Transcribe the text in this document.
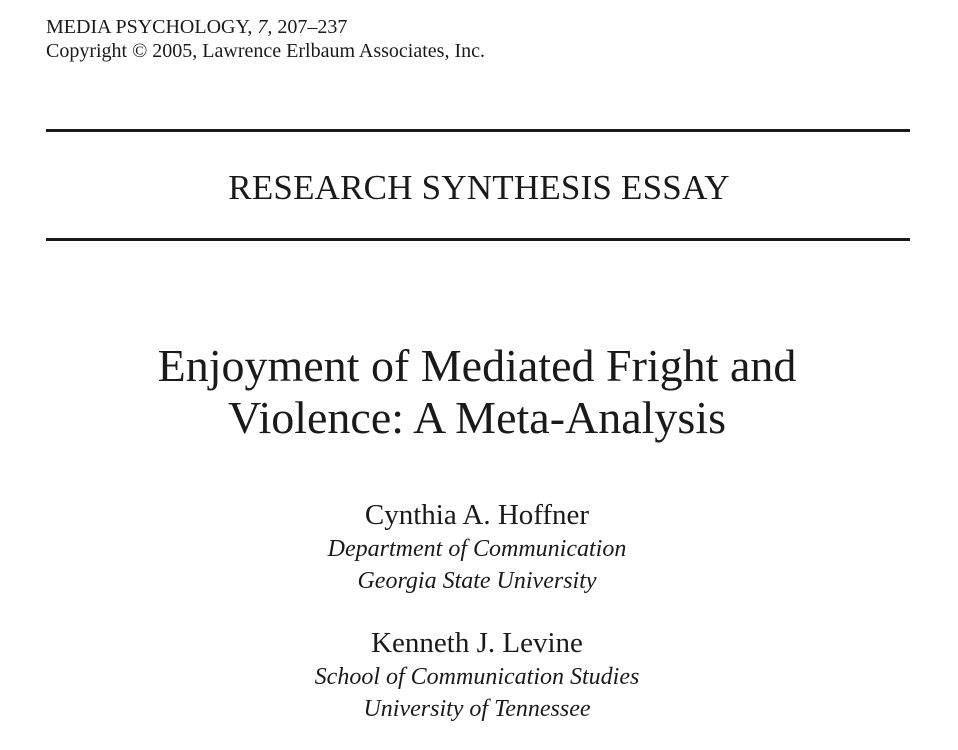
MEDIA PSYCHOLOGY, 7, 207–237
Copyright © 2005, Lawrence Erlbaum Associates, Inc.
RESEARCH SYNTHESIS ESSAY
Enjoyment of Mediated Fright and
Violence: A Meta-Analysis
Cynthia A. Hoffner
Department of Communication
Georgia State University
Kenneth J. Levine
School of Communication Studies
University of Tennessee
